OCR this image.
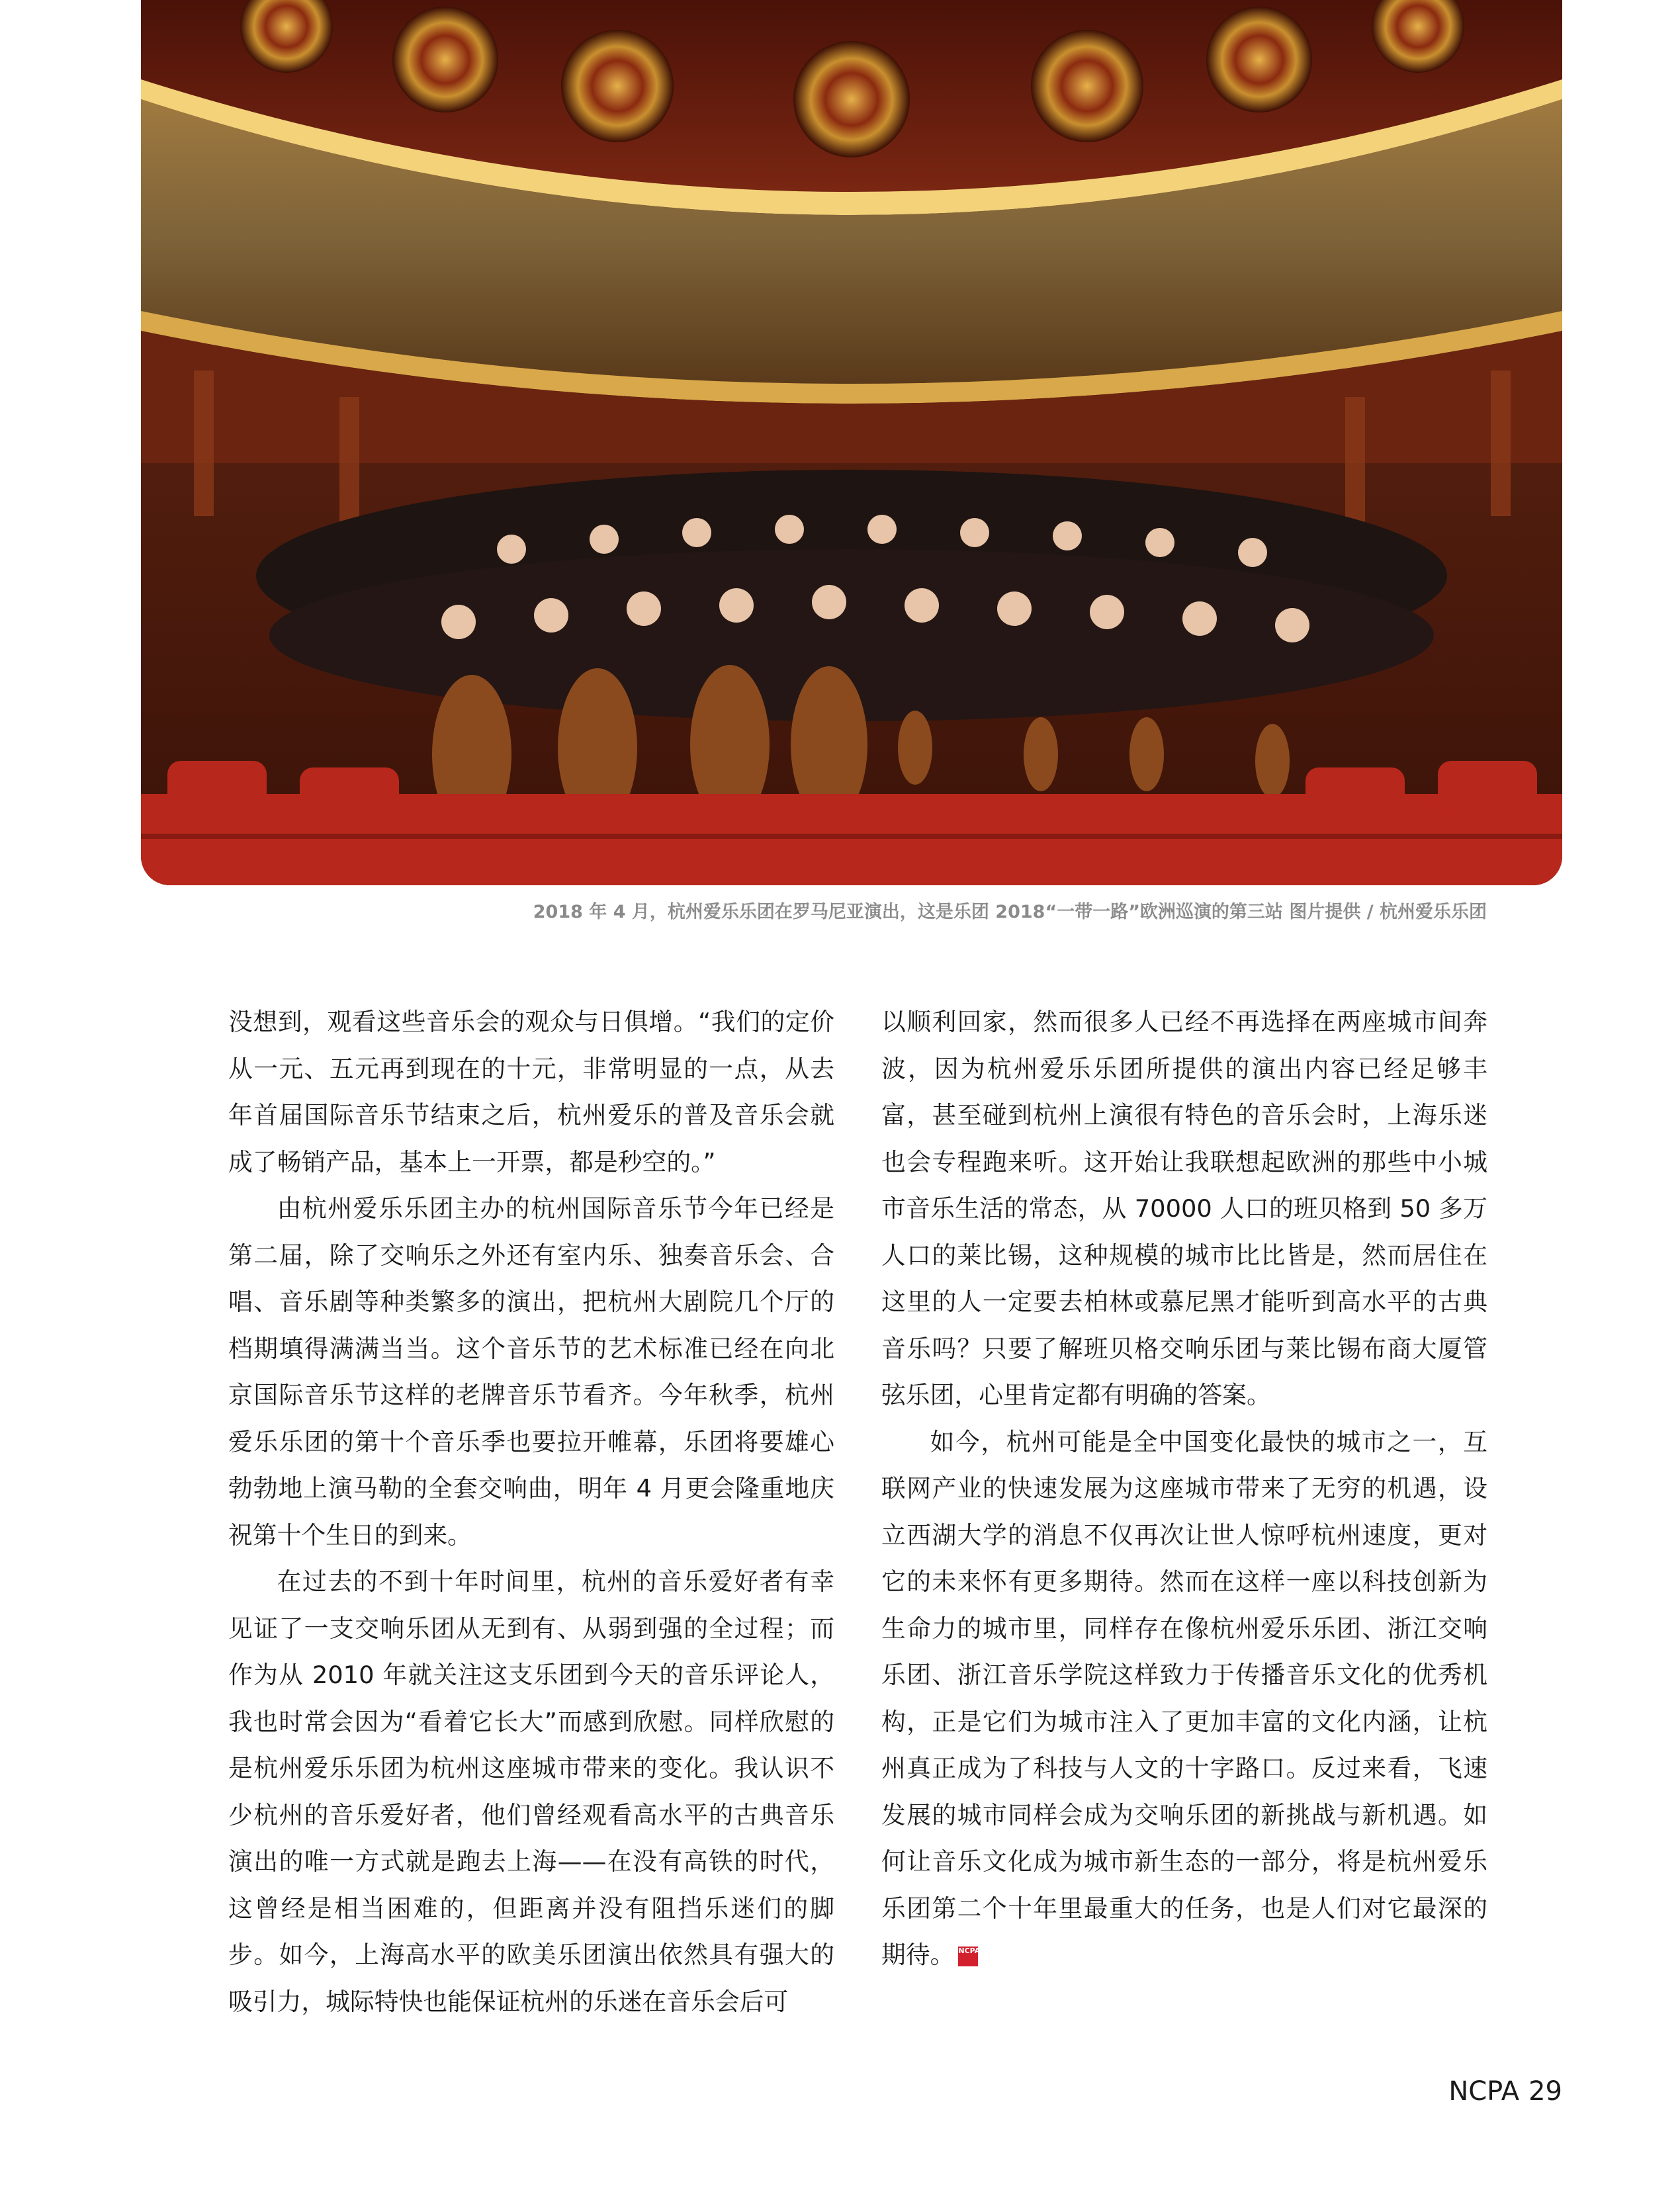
2018 年 4 月，杭州爱乐乐团在罗马尼亚演出，这是乐团 2018“一带一路”欧洲巡演的第三站 图片提供 / 杭州爱乐乐团

没想到，观看这些音乐会的观众与日俱增。“我们的定价从一元、五元再到现在的十元，非常明显的一点，从去年首届国际音乐节结束之后，杭州爱乐的普及音乐会就成了畅销产品，基本上一开票，都是秒空的。”

由杭州爱乐乐团主办的杭州国际音乐节今年已经是第二届，除了交响乐之外还有室内乐、独奏音乐会、合唱、音乐剧等种类繁多的演出，把杭州大剧院几个厅的档期填得满满当当。这个音乐节的艺术标准已经在向北京国际音乐节这样的老牌音乐节看齐。今年秋季，杭州爱乐乐团的第十个音乐季也要拉开帷幕，乐团将要雄心勃勃地上演马勒的全套交响曲，明年 4 月更会隆重地庆祝第十个生日的到来。

在过去的不到十年时间里，杭州的音乐爱好者有幸见证了一支交响乐团从无到有、从弱到强的全过程；而作为从 2010 年就关注这支乐团到今天的音乐评论人，我也时常会因为“看着它长大”而感到欣慰。同样欣慰的是杭州爱乐乐团为杭州这座城市带来的变化。我认识不少杭州的音乐爱好者，他们曾经观看高水平的古典音乐演出的唯一方式就是跑去上海——在没有高铁的时代，这曾经是相当困难的，但距离并没有阻挡乐迷们的脚步。如今，上海高水平的欧美乐团演出依然具有强大的吸引力，城际特快也能保证杭州的乐迷在音乐会后可

以顺利回家，然而很多人已经不再选择在两座城市间奔波，因为杭州爱乐乐团所提供的演出内容已经足够丰富，甚至碰到杭州上演很有特色的音乐会时，上海乐迷也会专程跑来听。这开始让我联想起欧洲的那些中小城市音乐生活的常态，从 70000 人口的班贝格到 50 多万人口的莱比锡，这种规模的城市比比皆是，然而居住在这里的人一定要去柏林或慕尼黑才能听到高水平的古典音乐吗？只要了解班贝格交响乐团与莱比锡布商大厦管弦乐团，心里肯定都有明确的答案。

如今，杭州可能是全中国变化最快的城市之一，互联网产业的快速发展为这座城市带来了无穷的机遇，设立西湖大学的消息不仅再次让世人惊呼杭州速度，更对它的未来怀有更多期待。然而在这样一座以科技创新为生命力的城市里，同样存在像杭州爱乐乐团、浙江交响乐团、浙江音乐学院这样致力于传播音乐文化的优秀机构，正是它们为城市注入了更加丰富的文化内涵，让杭州真正成为了科技与人文的十字路口。反过来看，飞速发展的城市同样会成为交响乐团的新挑战与新机遇。如何让音乐文化成为城市新生态的一部分，将是杭州爱乐乐团第二个十年里最重大的任务，也是人们对它最深的期待。 NCPA

NCPA 29
